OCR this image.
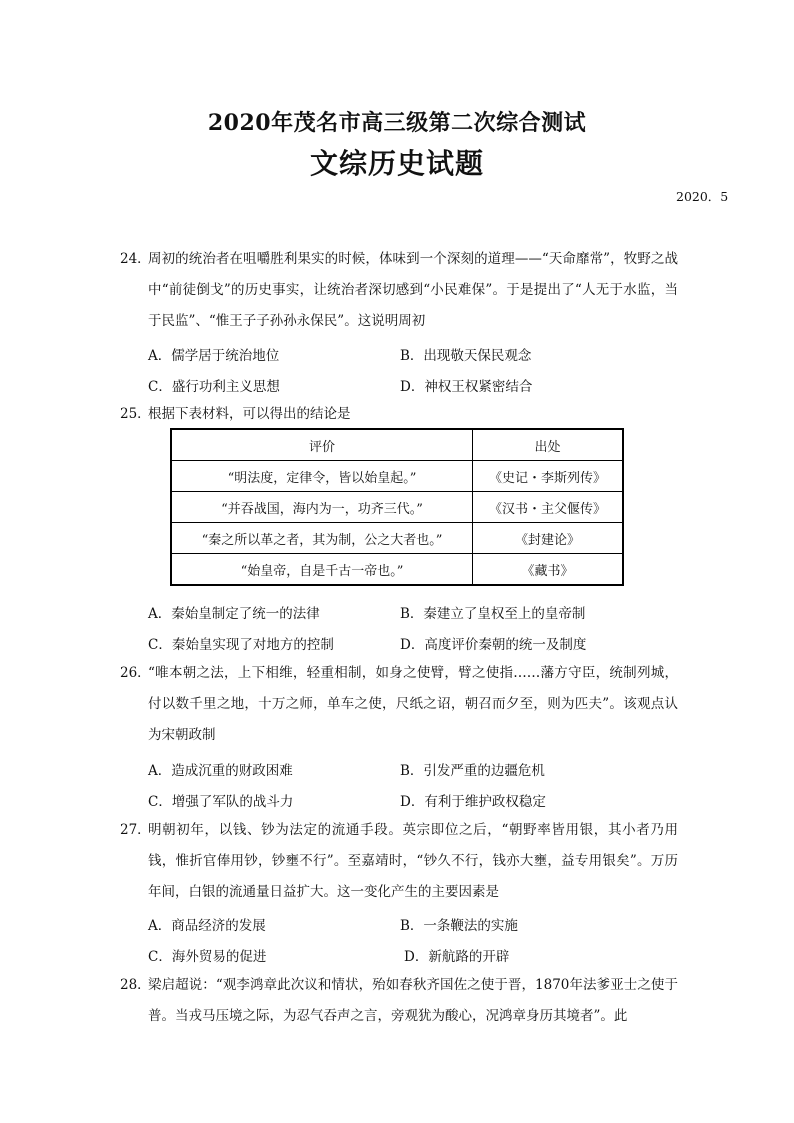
2020年茂名市高三级第二次综合测试
文综历史试题
2020．5
24．
周初的统治者在咀嚼胜利果实的时候，体味到一个深刻的道理——“天命靡常”，牧野之战中“前徒倒戈”的历史事实，让统治者深切感到“小民难保”。于是提出了“人无于水监，当于民监”、“惟王子子孙孙永保民”。这说明周初
A．儒学居于统治地位	B．出现敬天保民观念
C．盛行功利主义思想	D．神权王权紧密结合
25．
根据下表材料，可以得出的结论是
评价	出处
“明法度，定律令，皆以始皇起。”	《史记・李斯列传》
“并吞战国，海内为一，功齐三代。”	《汉书・主父偃传》
“秦之所以革之者，其为制，公之大者也。”	《封建论》
“始皇帝，自是千古一帝也。”	《藏书》
A．秦始皇制定了统一的法律	B．秦建立了皇权至上的皇帝制
C．秦始皇实现了对地方的控制	D．高度评价秦朝的统一及制度
26．
“唯本朝之法，上下相维，轻重相制，如身之使臂，臂之使指……藩方守臣，统制列城，付以数千里之地，十万之师，单车之使，尺纸之诏，朝召而夕至，则为匹夫”。该观点认为宋朝政制
A．造成沉重的财政困难	B．引发严重的边疆危机
C．增强了军队的战斗力	D．有利于维护政权稳定
27．
明朝初年，以钱、钞为法定的流通手段。英宗即位之后，“朝野率皆用银，其小者乃用钱，惟折官俸用钞，钞壅不行”。至嘉靖时，“钞久不行，钱亦大壅，益专用银矣”。万历年间，白银的流通量日益扩大。这一变化产生的主要因素是
A．商品经济的发展	B．一条鞭法的实施
C．海外贸易的促进	D．新航路的开辟
28．
梁启超说：“观李鸿章此次议和情状，殆如春秋齐国佐之使于晋，1870年法爹亚士之使于普。当戎马压境之际，为忍气吞声之言，旁观犹为酸心，况鸿章身历其境者”。此
